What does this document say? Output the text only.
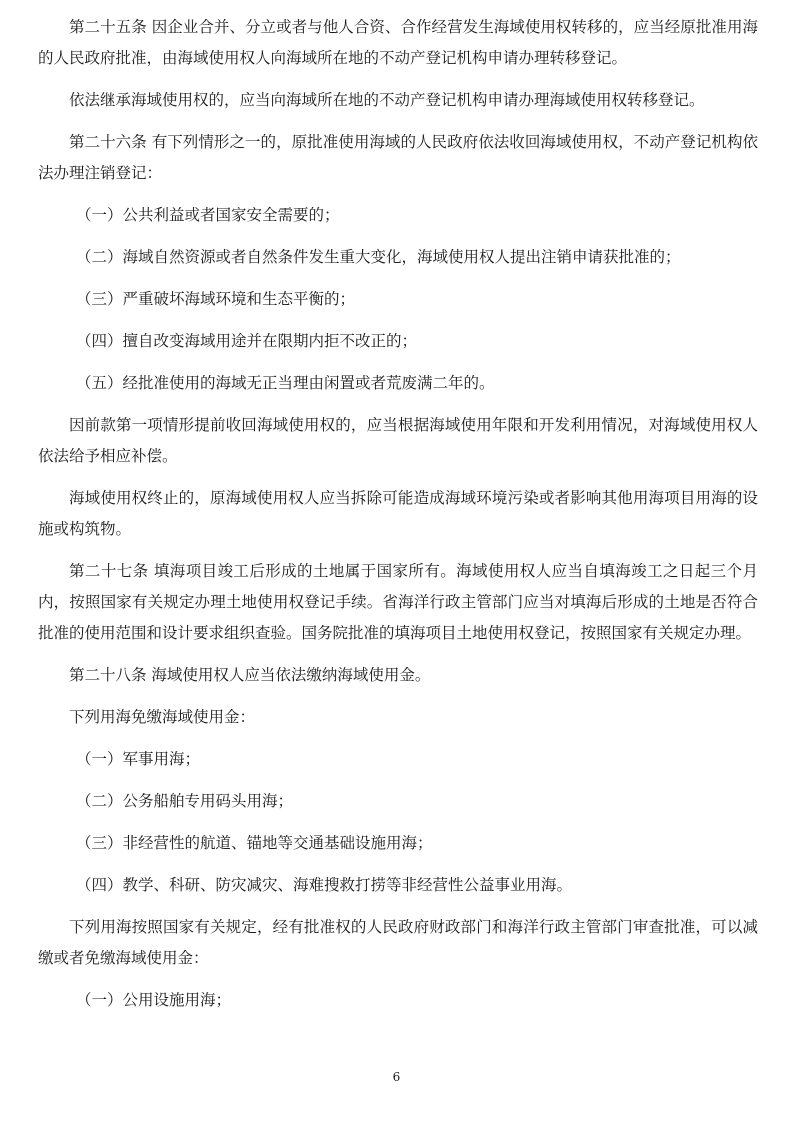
第二十五条 因企业合并、分立或者与他人合资、合作经营发生海域使用权转移的，应当经原批准用海的人民政府批准，由海域使用权人向海域所在地的不动产登记机构申请办理转移登记。

依法继承海域使用权的，应当向海域所在地的不动产登记机构申请办理海域使用权转移登记。

第二十六条 有下列情形之一的，原批准使用海域的人民政府依法收回海域使用权，不动产登记机构依法办理注销登记：

（一）公共利益或者国家安全需要的；

（二）海域自然资源或者自然条件发生重大变化，海域使用权人提出注销申请获批准的；

（三）严重破坏海域环境和生态平衡的；

（四）擅自改变海域用途并在限期内拒不改正的；

（五）经批准使用的海域无正当理由闲置或者荒废满二年的。

因前款第一项情形提前收回海域使用权的，应当根据海域使用年限和开发利用情况，对海域使用权人依法给予相应补偿。

海域使用权终止的，原海域使用权人应当拆除可能造成海域环境污染或者影响其他用海项目用海的设施或构筑物。

第二十七条 填海项目竣工后形成的土地属于国家所有。海域使用权人应当自填海竣工之日起三个月内，按照国家有关规定办理土地使用权登记手续。省海洋行政主管部门应当对填海后形成的土地是否符合批准的使用范围和设计要求组织查验。国务院批准的填海项目土地使用权登记，按照国家有关规定办理。

第二十八条 海域使用权人应当依法缴纳海域使用金。

下列用海免缴海域使用金：

（一）军事用海；

（二）公务船舶专用码头用海；

（三）非经营性的航道、锚地等交通基础设施用海；

（四）教学、科研、防灾减灾、海难搜救打捞等非经营性公益事业用海。

下列用海按照国家有关规定，经有批准权的人民政府财政部门和海洋行政主管部门审查批准，可以减缴或者免缴海域使用金：

（一）公用设施用海；

6
